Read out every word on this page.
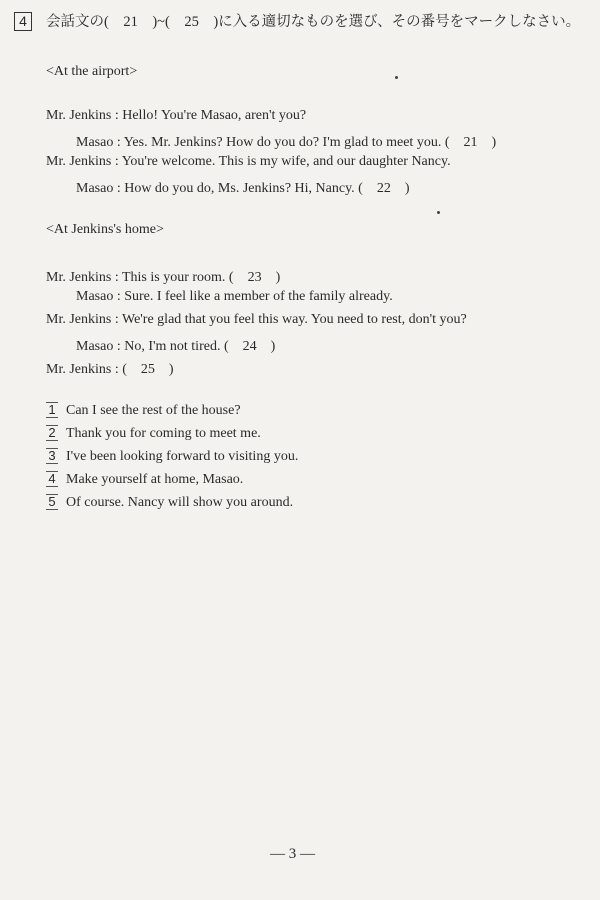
4	会話文の(　21　)~(　25　)に入る適切なものを選び、その番号をマークしなさい。
<At the airport>
Mr. Jenkins : Hello! You're Masao, aren't you?
Masao : Yes. Mr. Jenkins? How do you do? I'm glad to meet you. (　21　)
Mr. Jenkins : You're welcome. This is my wife, and our daughter Nancy.
Masao : How do you do, Ms. Jenkins? Hi, Nancy. (　22　)
<At Jenkins's home>
Mr. Jenkins : This is your room. (　23　)
Masao : Sure. I feel like a member of the family already.
Mr. Jenkins : We're glad that you feel this way. You need to rest, don't you?
Masao : No, I'm not tired. (　24　)
Mr. Jenkins : (　25　)
1 Can I see the rest of the house?
2 Thank you for coming to meet me.
3 I've been looking forward to visiting you.
4 Make yourself at home, Masao.
5 Of course. Nancy will show you around.
— 3 —
